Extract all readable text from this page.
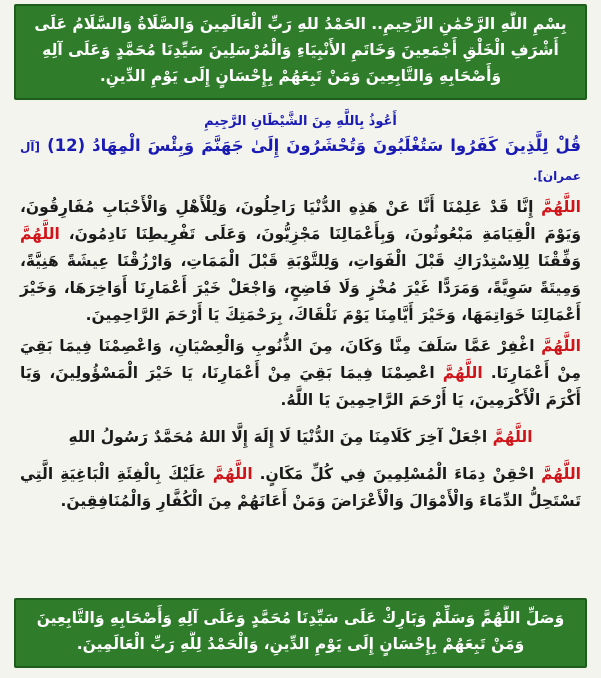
بِسْمِ اللَّهِ الرَّحْمَٰنِ الرَّحِيمِ.. الحَمْدُ للهِ رَبِّ الْعَالَمِينَ وَالصَّلَاةُ وَالسَّلَامُ عَلَى
أَشْرَفِ الْخَلْقِ أَجْمَعِينَ وَخَاتَمِ الأَنْبِيَاءِ وَالْمُرْسَلِينَ سَيِّدِنَا مُحَمَّدٍ وَعَلَى آلِهِ
وَأَصْحَابِهِ وَالتَّابِعِينَ وَمَنْ تَبِعَهُمْ بِإِحْسَانٍ إِلَى يَوْمِ الدِّينِ.
أَعُوذُ بِاللَّهِ مِنَ الشَّيْطَانِ الرَّجِيمِ
قُلْ لِلَّذِينَ كَفَرُوا سَتُغْلَبُونَ وَتُحْشَرُونَ إِلَىٰ جَهَنَّمَ وَبِئْسَ الْمِهَادُ (12) [آل عمران].
اللَّهُمَّ إِنَّا قَدْ عَلِمْنَا أَنَّا عَنْ هَذِهِ الدُّنْيَا رَاحِلُونَ، وَلِلْأَهْلِ وَالْأَحْبَابِ مُفَارِقُونَ، وَيَوْمَ الْقِيَامَةِ مَبْعُوثُونَ، وَبِأَعْمَالِنَا مَجْزِيُّونَ، وَعَلَى تَفْرِيطِنَا نَادِمُونَ، اللَّهُمَّ وَفِّقْنَا لِلِاسْتِدْرَاكِ قَبْلَ الْفَوَاتِ، وَلِلتَّوْبَةِ قَبْلَ الْمَمَاتِ، وَارْزُقْنَا عِيشَةً هَنِيَّةً، وَمِيتَةً سَوِيَّةً، وَمَرَدًّا غَيْرَ مُخْزٍ وَلَا فَاضِحٍ، وَاجْعَلْ خَيْرَ أَعْمَارِنَا أَوَاخِرَهَا، وَخَيْرَ أَعْمَالِنَا خَوَاتِمَهَا، وَخَيْرَ أَيَّامِنَا يَوْمَ نَلْقَاكَ، بِرَحْمَتِكَ يَا أَرْحَمَ الرَّاحِمِينَ.
اللَّهُمَّ اغْفِرْ عَمَّا سَلَفَ مِنَّا وَكَانَ، مِنَ الذُّنُوبِ وَالْعِصْيَانِ، وَاعْصِمْنَا فِيمَا بَقِيَ مِنْ أَعْمَارِنَا. اللَّهُمَّ اعْصِمْنَا فِيمَا بَقِيَ مِنْ أَعْمَارِنَا، يَا خَيْرَ الْمَسْؤُولِينَ، وَيَا أَكْرَمَ الْأَكْرَمِينَ، يَا أَرْحَمَ الرَّاحِمِينَ يَا اللَّهُ.
اللَّهُمَّ اجْعَلْ آخِرَ كَلَامِنَا مِنَ الدُّنْيَا لَا إِلَهَ إِلَّا اللهُ مُحَمَّدٌ رَسُولُ اللهِ
اللَّهُمَّ احْقِنْ دِمَاءَ الْمُسْلِمِينَ فِي كُلِّ مَكَانٍ. اللَّهُمَّ عَلَيْكَ بِالْفِئَةِ الْبَاغِيَةِ الَّتِي تَسْتَحِلُّ الدِّمَاءَ وَالْأَمْوَالَ وَالْأَعْرَاضَ وَمَنْ أَعَانَهُمْ مِنَ الْكُفَّارِ وَالْمُنَافِقِينَ.
وَصَلِّ اللَّهُمَّ وَسَلِّمْ وَبَارِكْ عَلَى سَيِّدِنَا مُحَمَّدٍ وَعَلَى آلِهِ وَأَصْحَابِهِ وَالتَّابِعِينَ
وَمَنْ تَبِعَهُمْ بِإِحْسَانٍ إِلَى يَوْمِ الدِّينِ، وَالْحَمْدُ لِلَّهِ رَبِّ الْعَالَمِينَ.
